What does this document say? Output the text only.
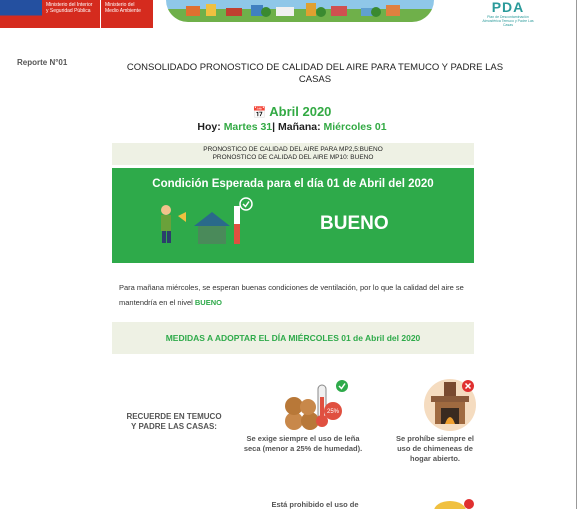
Ministerio del Interior y Seguridad Pública
Ministerio del Medio Ambiente	PDA
Plan de Descontaminación Atmosférica Temuco y Padre Las Casas
Reporte N°01	CONSOLIDADO PRONOSTICO DE CALIDAD DEL AIRE PARA TEMUCO Y PADRE LAS CASAS
📅 Abril 2020
Hoy: Martes 31| Mañana: Miércoles 01
PRONOSTICO DE CALIDAD DEL AIRE PARA MP2,5:BUENO
PRONOSTICO DE CALIDAD DEL AIRE MP10: BUENO
Condición Esperada para el día 01 de Abril del 2020
BUENO
Para mañana miércoles, se esperan buenas condiciones de ventilación, por lo que la calidad del aire se mantendría en el nivel BUENO
MEDIDAS A ADOPTAR EL DÍA MIÉRCOLES 01 de Abril del 2020
RECUERDE EN TEMUCO Y PADRE LAS CASAS:
25%
Se exige siempre el uso de leña seca (menor a 25% de humedad).
Se prohíbe siempre el uso de chimeneas de hogar abierto.
Está prohibido el uso de
